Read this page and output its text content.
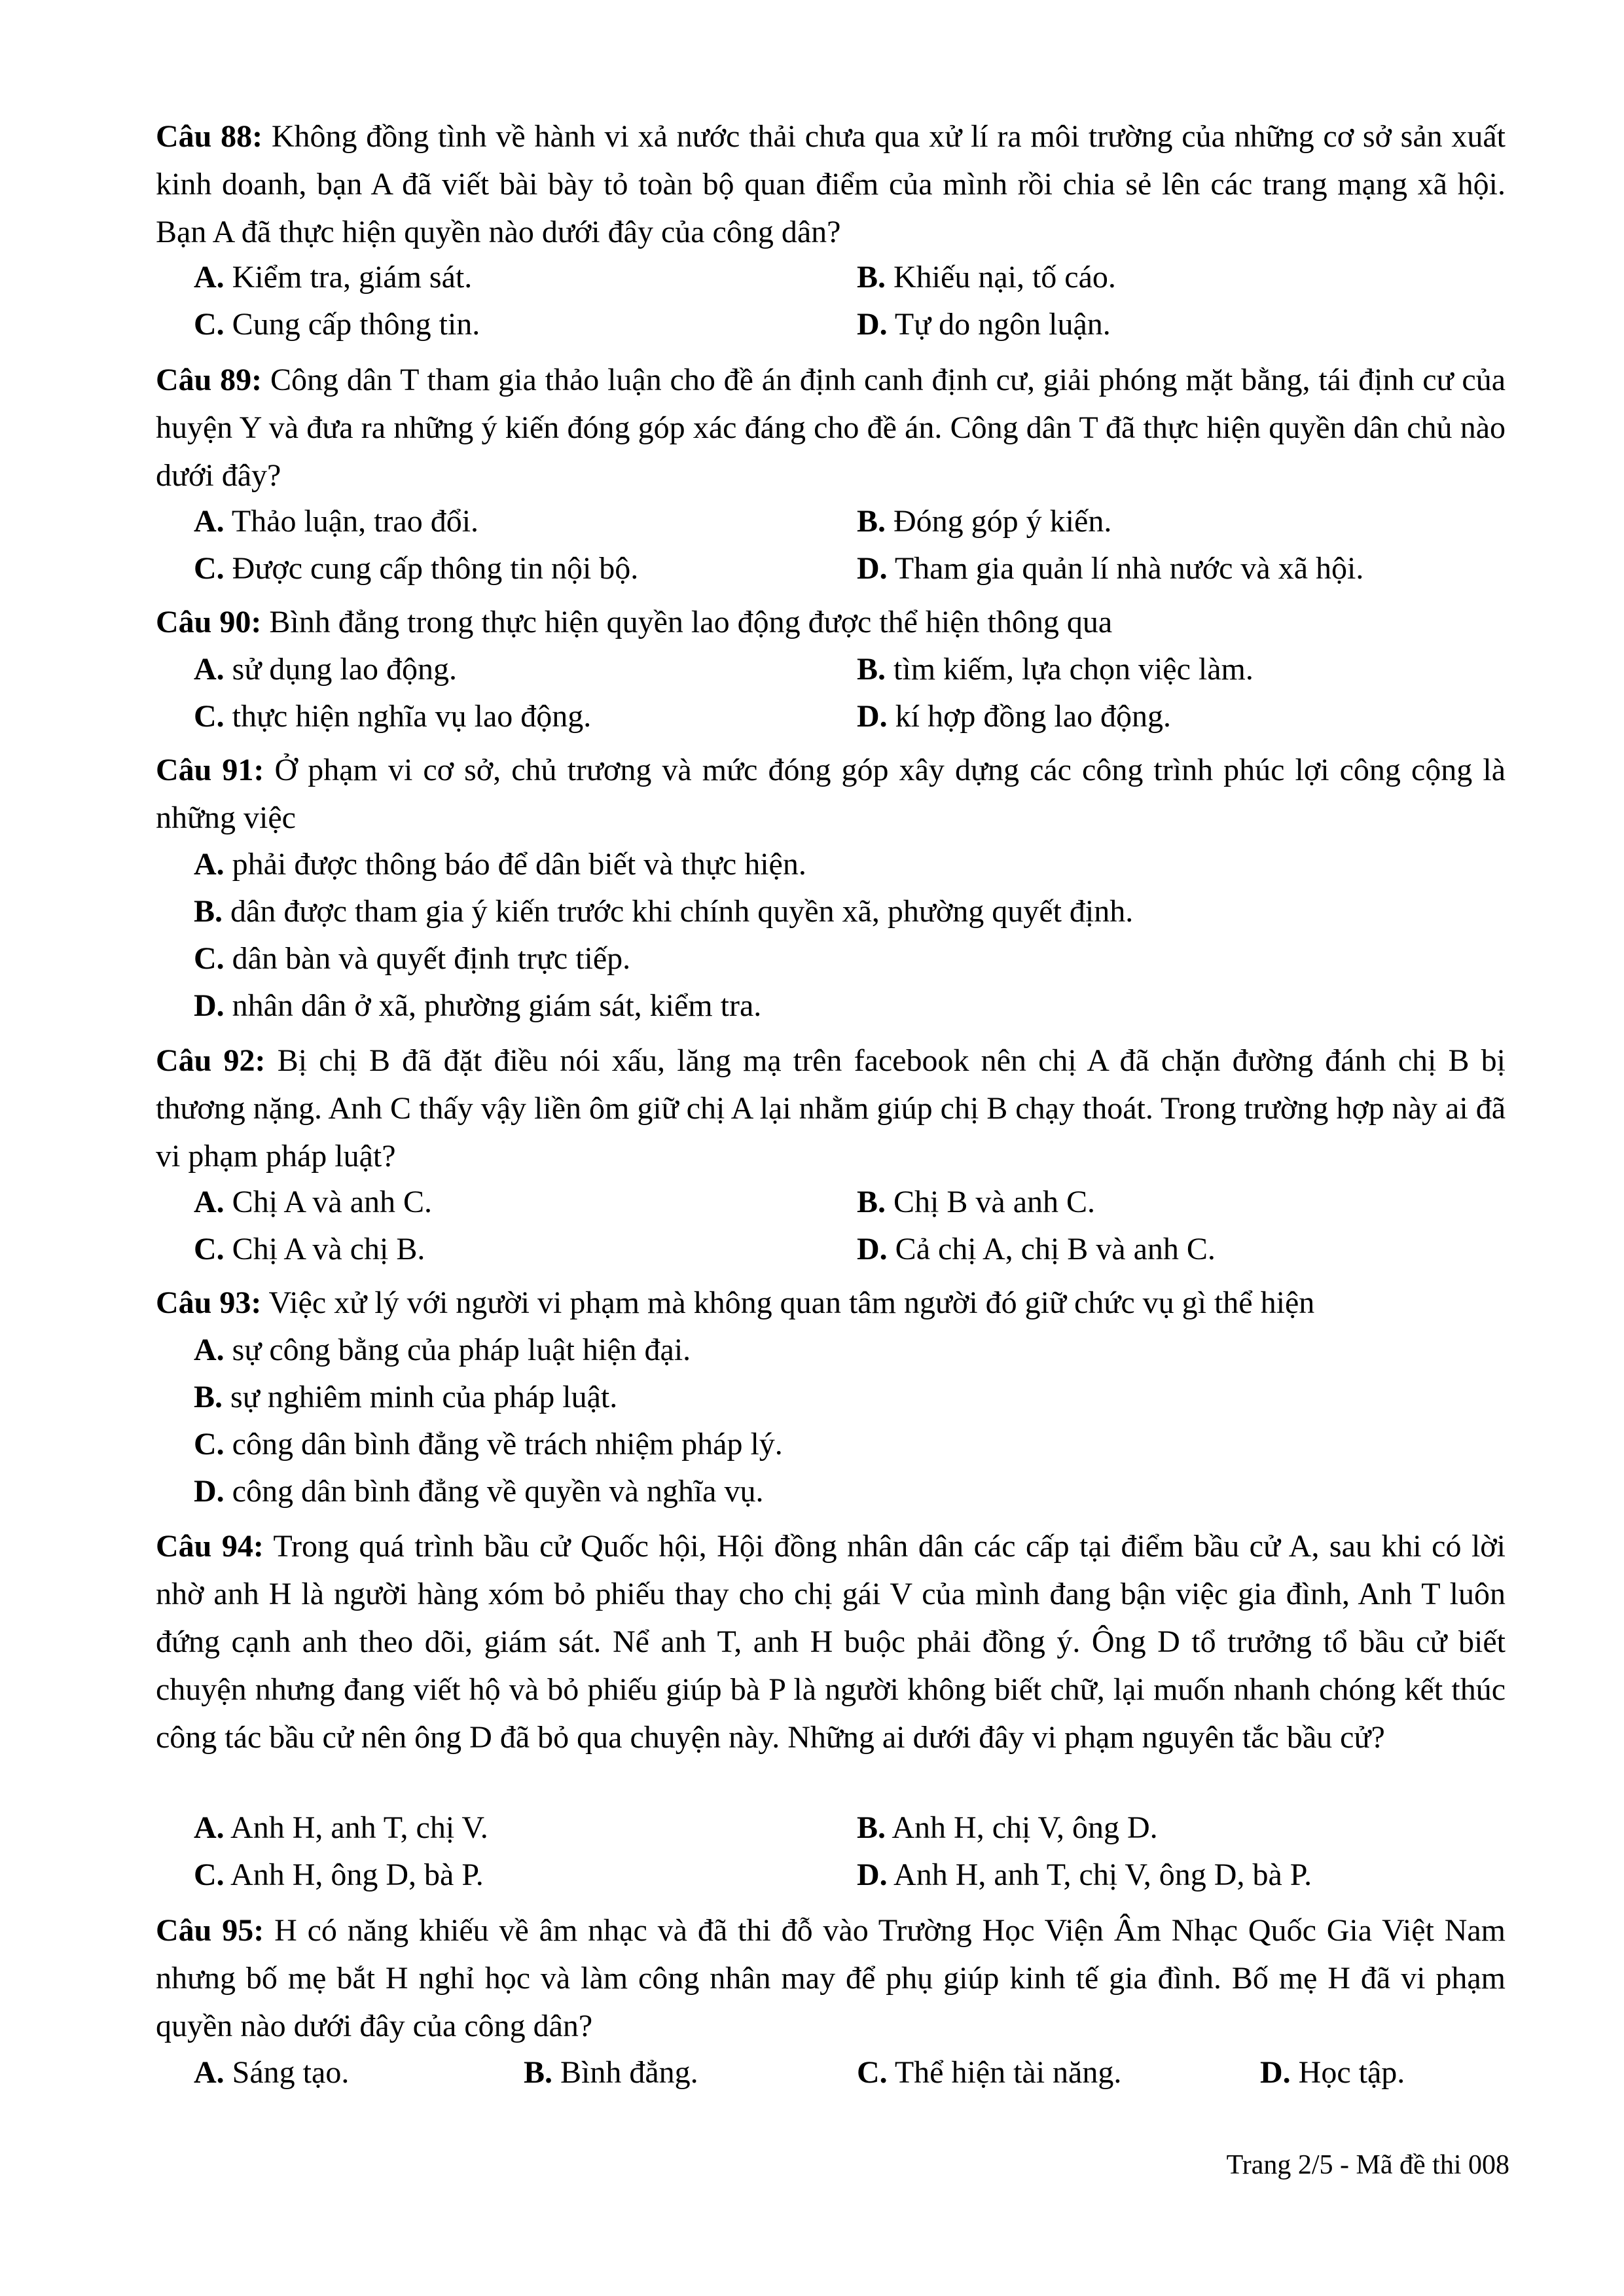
Câu 88: Không đồng tình về hành vi xả nước thải chưa qua xử lí ra môi trường của những cơ sở sản xuất kinh doanh, bạn A đã viết bài bày tỏ toàn bộ quan điểm của mình rồi chia sẻ lên các trang mạng xã hội. Bạn A đã thực hiện quyền nào dưới đây của công dân?
A. Kiểm tra, giám sát.	B. Khiếu nại, tố cáo.
C. Cung cấp thông tin.	D. Tự do ngôn luận.
Câu 89: Công dân T tham gia thảo luận cho đề án định canh định cư, giải phóng mặt bằng, tái định cư của huyện Y và đưa ra những ý kiến đóng góp xác đáng cho đề án. Công dân T đã thực hiện quyền dân chủ nào dưới đây?
A. Thảo luận, trao đổi.	B. Đóng góp ý kiến.
C. Được cung cấp thông tin nội bộ.	D. Tham gia quản lí nhà nước và xã hội.
Câu 90: Bình đẳng trong thực hiện quyền lao động được thể hiện thông qua
A. sử dụng lao động.	B. tìm kiếm, lựa chọn việc làm.
C. thực hiện nghĩa vụ lao động.	D. kí hợp đồng lao động.
Câu 91: Ở phạm vi cơ sở, chủ trương và mức đóng góp xây dựng các công trình phúc lợi công cộng là những việc
A. phải được thông báo để dân biết và thực hiện.
B. dân được tham gia ý kiến trước khi chính quyền xã, phường quyết định.
C. dân bàn và quyết định trực tiếp.
D. nhân dân ở xã, phường giám sát, kiểm tra.
Câu 92: Bị chị B đã đặt điều nói xấu, lăng mạ trên facebook nên chị A đã chặn đường đánh chị B bị thương nặng. Anh C thấy vậy liền ôm giữ chị A lại nhằm giúp chị B chạy thoát. Trong trường hợp này ai đã vi phạm pháp luật?
A. Chị A và anh C.	B. Chị B và anh C.
C. Chị A và chị B.	D. Cả chị A, chị B và anh C.
Câu 93: Việc xử lý với người vi phạm mà không quan tâm người đó giữ chức vụ gì thể hiện
A. sự công bằng của pháp luật hiện đại.
B. sự nghiêm minh của pháp luật.
C. công dân bình đẳng về trách nhiệm pháp lý.
D. công dân bình đẳng về quyền và nghĩa vụ.
Câu 94: Trong quá trình bầu cử Quốc hội, Hội đồng nhân dân các cấp tại điểm bầu cử A, sau khi có lời nhờ anh H là người hàng xóm bỏ phiếu thay cho chị gái V của mình đang bận việc gia đình, Anh T luôn đứng cạnh anh theo dõi, giám sát. Nể anh T, anh H buộc phải đồng ý. Ông D tổ trưởng tổ bầu cử biết chuyện nhưng đang viết hộ và bỏ phiếu giúp bà P là người không biết chữ, lại muốn nhanh chóng kết thúc công tác bầu cử nên ông D đã bỏ qua chuyện này. Những ai dưới đây vi phạm nguyên tắc bầu cử?
A. Anh H, anh T, chị V.	B. Anh H, chị V, ông D.
C. Anh H, ông D, bà P.	D. Anh H, anh T, chị V, ông D, bà P.
Câu 95: H có năng khiếu về âm nhạc và đã thi đỗ vào Trường Học Viện Âm Nhạc Quốc Gia Việt Nam nhưng bố mẹ bắt H nghỉ học và làm công nhân may để phụ giúp kinh tế gia đình. Bố mẹ H đã vi phạm quyền nào dưới đây của công dân?
A. Sáng tạo.	B. Bình đẳng.	C. Thể hiện tài năng.	D. Học tập.
Trang 2/5 - Mã đề thi 008
